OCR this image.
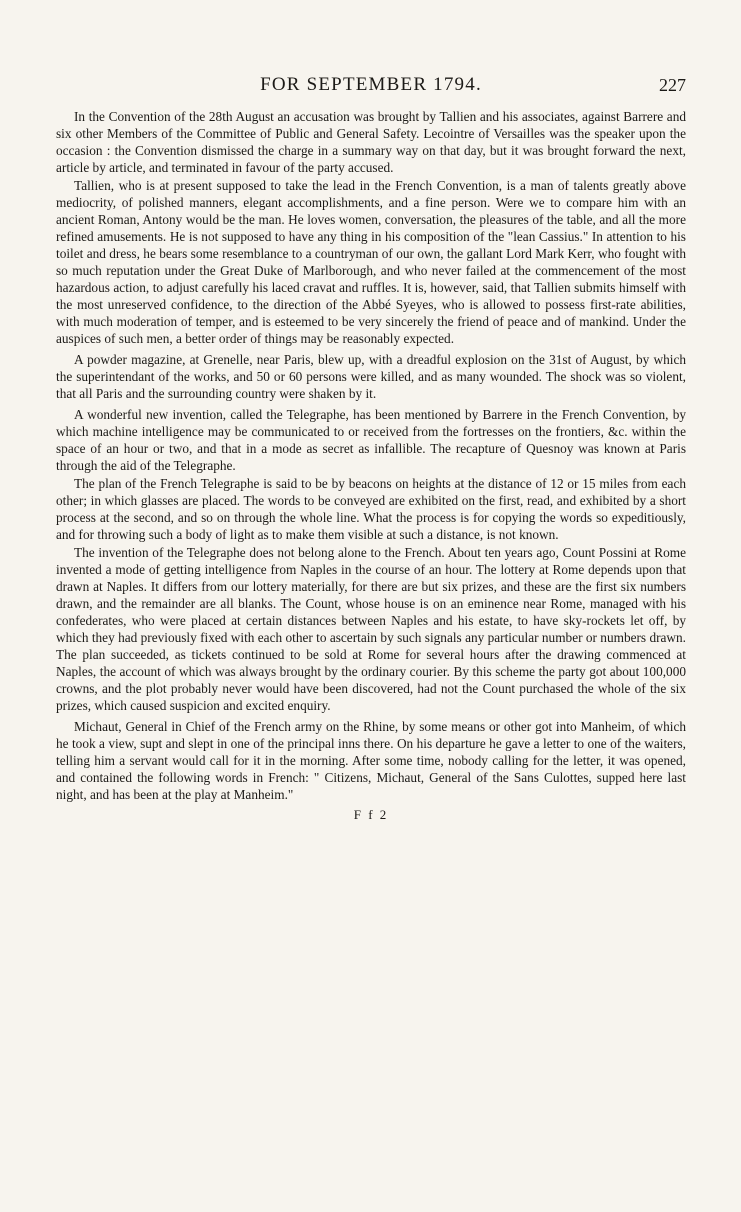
FOR SEPTEMBER 1794.	227

In the Convention of the 28th August an accusation was brought by Tallien and his associates, against Barrere and six other Members of the Committee of Public and General Safety. Lecointre of Versailles was the speaker upon the occasion : the Convention dismissed the charge in a summary way on that day, but it was brought forward the next, article by article, and terminated in favour of the party accused.

Tallien, who is at present supposed to take the lead in the French Convention, is a man of talents greatly above mediocrity, of polished manners, elegant accomplishments, and a fine person. Were we to compare him with an ancient Roman, Antony would be the man. He loves women, conversation, the pleasures of the table, and all the more refined amusements. He is not supposed to have any thing in his composition of the "lean Cassius." In attention to his toilet and dress, he bears some resemblance to a countryman of our own, the gallant Lord Mark Kerr, who fought with so much reputation under the Great Duke of Marlborough, and who never failed at the commencement of the most hazardous action, to adjust carefully his laced cravat and ruffles. It is, however, said, that Tallien submits himself with the most unreserved confidence, to the direction of the Abbé Syeyes, who is allowed to possess first-rate abilities, with much moderation of temper, and is esteemed to be very sincerely the friend of peace and of mankind. Under the auspices of such men, a better order of things may be reasonably expected.

A powder magazine, at Grenelle, near Paris, blew up, with a dreadful explosion on the 31st of August, by which the superintendant of the works, and 50 or 60 persons were killed, and as many wounded. The shock was so violent, that all Paris and the surrounding country were shaken by it.

A wonderful new invention, called the Telegraphe, has been mentioned by Barrere in the French Convention, by which machine intelligence may be communicated to or received from the fortresses on the frontiers, &c. within the space of an hour or two, and that in a mode as secret as infallible. The recapture of Quesnoy was known at Paris through the aid of the Telegraphe.

The plan of the French Telegraphe is said to be by beacons on heights at the distance of 12 or 15 miles from each other; in which glasses are placed. The words to be conveyed are exhibited on the first, read, and exhibited by a short process at the second, and so on through the whole line. What the process is for copying the words so expeditiously, and for throwing such a body of light as to make them visible at such a distance, is not known.

The invention of the Telegraphe does not belong alone to the French. About ten years ago, Count Possini at Rome invented a mode of getting intelligence from Naples in the course of an hour. The lottery at Rome depends upon that drawn at Naples. It differs from our lottery materially, for there are but six prizes, and these are the first six numbers drawn, and the remainder are all blanks. The Count, whose house is on an eminence near Rome, managed with his confederates, who were placed at certain distances between Naples and his estate, to have sky-rockets let off, by which they had previously fixed with each other to ascertain by such signals any particular number or numbers drawn. The plan succeeded, as tickets continued to be sold at Rome for several hours after the drawing commenced at Naples, the account of which was always brought by the ordinary courier. By this scheme the party got about 100,000 crowns, and the plot probably never would have been discovered, had not the Count purchased the whole of the six prizes, which caused suspicion and excited enquiry.

Michaut, General in Chief of the French army on the Rhine, by some means or other got into Manheim, of which he took a view, supt and slept in one of the principal inns there. On his departure he gave a letter to one of the waiters, telling him a servant would call for it in the morning. After some time, nobody calling for the letter, it was opened, and contained the following words in French: " Citizens, Michaut, General of the Sans Culottes, supped here last night, and has been at the play at Manheim."

F f 2
